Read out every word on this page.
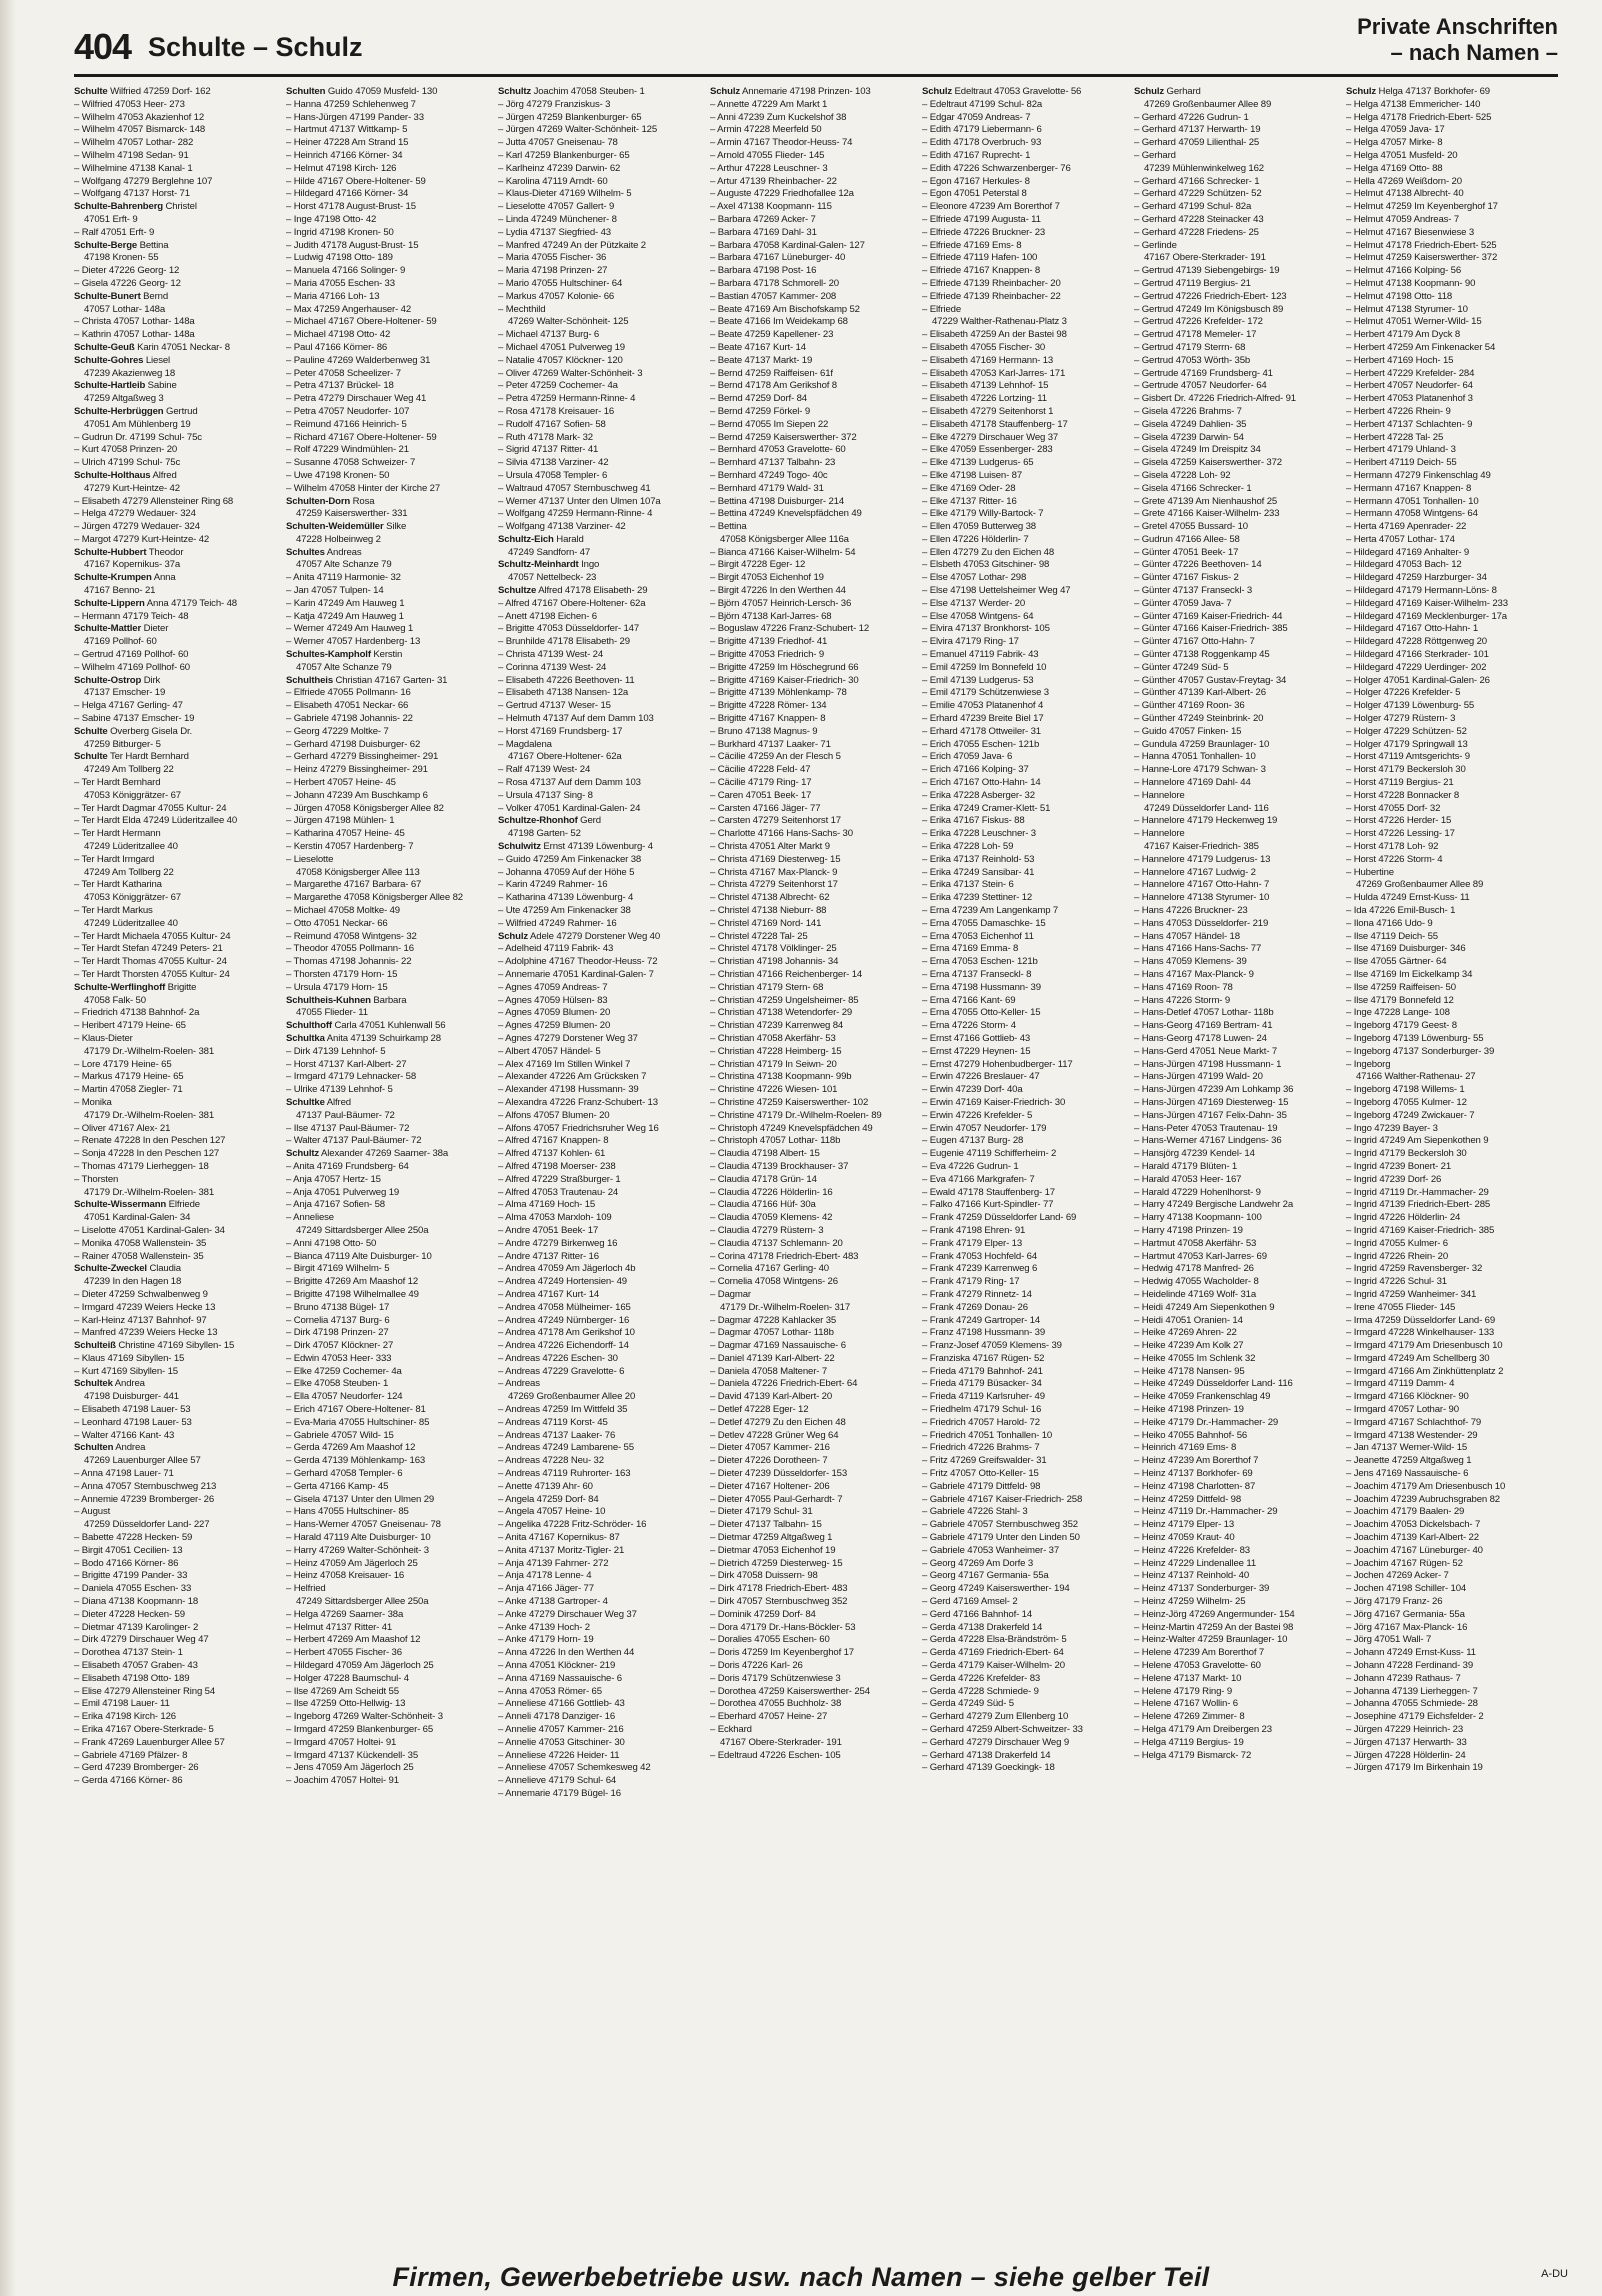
404 Schulte – Schulz
Private Anschriften
– nach Namen –
Schulte Wilfried 47259 Dorf- 162
– Wilfried 47053 Heer- 273
– Wilhelm 47053 Akazienhof 12
– Wilhelm 47057 Bismarck- 148
– Wilhelm 47057 Lothar- 282
– Wilhelm 47198 Sedan- 91
– Wilhelmine 47138 Kanal- 1
– Wolfgang 47279 Berglehne 107
– Wolfgang 47137 Horst- 71
Schulte-Bahrenberg Christel
47051 Erft- 9
– Ralf 47051 Erft- 9
Schulte-Berge Bettina
47198 Kronen- 55
– Dieter 47226 Georg- 12
– Gisela 47226 Georg- 12
Schulte-Bunert Bernd
47057 Lothar- 148a
– Christa 47057 Lothar- 148a
– Kathrin 47057 Lothar- 148a
Schulte-Geuß Karin 47051 Neckar- 8
Schulte-Gohres Liesel
47239 Akazienweg 18
Schulte-Hartleib Sabine
47259 Altgaßweg 3
Schulte-Herbrüggen Gertrud
47051 Am Mühlenberg 19
– Gudrun Dr. 47199 Schul- 75c
– Kurt 47058 Prinzen- 20
– Ulrich 47199 Schul- 75c
Schulte-Holthaus Alfred
47279 Kurt-Heintze- 42
– Elisabeth 47279 Allensteiner Ring 68
– Helga 47279 Wedauer- 324
– Jürgen 47279 Wedauer- 324
– Margot 47279 Kurt-Heintze- 42
Schulte-Hubbert Theodor
47167 Kopernikus- 37a
Schulte-Krumpen Anna
47167 Benno- 21
Schulte-Lippern Anna 47179 Teich- 48
– Hermann 47179 Teich- 48
Schulte-Mattler Dieter
47169 Pollhof- 60
– Gertrud 47169 Pollhof- 60
– Wilhelm 47169 Pollhof- 60
Schulte-Ostrop Dirk
47137 Emscher- 19
– Helga 47167 Gerling- 47
– Sabine 47137 Emscher- 19
Schulte Overberg Gisela Dr.
47259 Bitburger- 5
Schulte Ter Hardt Bernhard
47249 Am Tollberg 22
– Ter Hardt Bernhard
47053 Königgrätzer- 67
– Ter Hardt Dagmar 47055 Kultur- 24
– Ter Hardt Elda 47249 Lüderitzallee 40
– Ter Hardt Hermann
47249 Lüderitzallee 40
– Ter Hardt Irmgard
47249 Am Tollberg 22
– Ter Hardt Katharina
47053 Königgrätzer- 67
– Ter Hardt Markus
47249 Lüderitzallee 40
– Ter Hardt Michaela 47055 Kultur- 24
– Ter Hardt Stefan 47249 Peters- 21
– Ter Hardt Thomas 47055 Kultur- 24
– Ter Hardt Thorsten 47055 Kultur- 24
Schulte-Werflinghoff Brigitte
47058 Falk- 50
– Friedrich 47138 Bahnhof- 2a
– Heribert 47179 Heine- 65
– Klaus-Dieter
47179 Dr.-Wilhelm-Roelen- 381
– Lore 47179 Heine- 65
– Markus 47179 Heine- 65
– Martin 47058 Ziegler- 71
– Monika
47179 Dr.-Wilhelm-Roelen- 381
– Oliver 47167 Alex- 21
– Renate 47228 In den Peschen 127
– Sonja 47228 In den Peschen 127
– Thomas 47179 Lierheggen- 18
– Thorsten
47179 Dr.-Wilhelm-Roelen- 381
Schulte-Wissermann Elfriede
47051 Kardinal-Galen- 34
– Liselotte 47051 Kardinal-Galen- 34
– Monika 47058 Wallenstein- 35
– Rainer 47058 Wallenstein- 35
Schulte-Zweckel Claudia
47239 In den Hagen 18
– Dieter 47259 Schwalbenweg 9
– Irmgard 47239 Weiers Hecke 13
– Karl-Heinz 47137 Bahnhof- 97
– Manfred 47239 Weiers Hecke 13
Schulteiß Christine 47169 Sibyllen- 15
– Klaus 47169 Sibyllen- 15
– Kurt 47169 Sibyllen- 15
Schultek Andrea
47198 Duisburger- 441
– Elisabeth 47198 Lauer- 53
– Leonhard 47198 Lauer- 53
– Walter 47166 Kant- 43
Schulten Andrea
47269 Lauenburger Allee 57
– Anna 47198 Lauer- 71
– Anna 47057 Sternbuschweg 213
– Annemie 47239 Bromberger- 26
– August
47259 Düsseldorfer Land- 227
– Babette 47228 Hecken- 59
– Birgit 47051 Cecilien- 13
– Bodo 47166 Körner- 86
– Brigitte 47199 Pander- 33
– Daniela 47055 Eschen- 33
– Diana 47138 Koopmann- 18
– Dieter 47228 Hecken- 59
– Dietmar 47139 Karolinger- 2
– Dirk 47279 Dirschauer Weg 47
– Dorothea 47137 Stein- 1
– Elisabeth 47057 Graben- 43
– Elisabeth 47198 Otto- 189
– Elise 47279 Allensteiner Ring 54
– Emil 47198 Lauer- 11
– Erika 47198 Kirch- 126
– Erika 47167 Obere-Sterkrade- 5
– Frank 47269 Lauenburger Allee 57
– Gabriele 47169 Pfälzer- 8
– Gerd 47239 Bromberger- 26
– Gerda 47166 Körner- 86
Schulten Guido 47059 Musfeld- 130
– Hanna 47259 Schlehenweg 7
– Hans-Jürgen 47199 Pander- 33
– Hartmut 47137 Wittkamp- 5
– Heiner 47228 Am Strand 15
– Heinrich 47166 Körner- 34
– Helmut 47198 Kirch- 126
– Hilde 47167 Obere-Holtener- 59
– Hildegard 47166 Körner- 34
– Horst 47178 August-Brust- 15
– Inge 47198 Otto- 42
– Ingrid 47198 Kronen- 50
– Judith 47178 August-Brust- 15
– Ludwig 47198 Otto- 189
– Manuela 47166 Solinger- 9
– Maria 47055 Eschen- 33
– Maria 47166 Loh- 13
– Max 47259 Angerhauser- 42
– Michael 47167 Obere-Holtener- 59
– Michael 47198 Otto- 42
– Paul 47166 Körner- 86
– Pauline 47269 Walderbenweg 31
– Peter 47058 Scheelizer- 7
– Petra 47137 Brückel- 18
– Petra 47279 Dirschauer Weg 41
– Petra 47057 Neudorfer- 107
– Reimund 47166 Heinrich- 5
– Richard 47167 Obere-Holtener- 59
– Rolf 47229 Windmühlen- 21
– Susanne 47058 Schweizer- 7
– Uwe 47198 Kronen- 50
– Wilhelm 47058 Hinter der Kirche 27
Schulten-Dorn Rosa
47259 Kaiserswerther- 331
Schulten-Weidemüller Silke
47228 Holbeinweg 2
Schultes Andreas
47057 Alte Schanze 79
– Anita 47119 Harmonie- 32
– Jan 47057 Tulpen- 14
– Karin 47249 Am Hauweg 1
– Katja 47249 Am Hauweg 1
– Werner 47249 Am Hauweg 1
– Werner 47057 Hardenberg- 13
Schultes-Kampholf Kerstin
47057 Alte Schanze 79
Schultheis Christian 47167 Garten- 31
– Elfriede 47055 Pollmann- 16
– Elisabeth 47051 Neckar- 66
– Gabriele 47198 Johannis- 22
– Georg 47229 Moltke- 7
– Gerhard 47198 Duisburger- 62
– Gerhard 47279 Bissingheimer- 291
– Heinz 47279 Bissingheimer- 291
– Herbert 47057 Heine- 45
– Johann 47239 Am Buschkamp 6
– Jürgen 47058 Königsberger Allee 82
– Jürgen 47198 Mühlen- 1
– Katharina 47057 Heine- 45
– Kerstin 47057 Hardenberg- 7
– Lieselotte
47058 Königsberger Allee 113
– Margarethe 47167 Barbara- 67
– Margarethe 47058 Königsberger Allee 82
– Michael 47058 Moltke- 49
– Otto 47051 Neckar- 66
– Reimund 47058 Wintgens- 32
– Theodor 47055 Pollmann- 16
– Thomas 47198 Johannis- 22
– Thorsten 47179 Horn- 15
– Ursula 47179 Horn- 15
Schultheis-Kuhnen Barbara
47055 Flieder- 11
Schulthoff Carla 47051 Kuhlenwall 56
Schultka Anita 47139 Schuirkamp 28
– Dirk 47139 Lehnhof- 5
– Horst 47137 Karl-Albert- 27
– Irmgard 47179 Lehnacker- 58
– Ulrike 47139 Lehnhof- 5
Schultke Alfred
47137 Paul-Bäumer- 72
– Ilse 47137 Paul-Bäumer- 72
– Walter 47137 Paul-Bäumer- 72
Schultz Alexander 47269 Saarner- 38a
– Anita 47169 Frundsberg- 64
– Anja 47057 Hertz- 15
– Anja 47051 Pulverweg 19
– Anja 47167 Sofien- 58
– Anneliese
47249 Sittardsberger Allee 250a
– Anni 47198 Otto- 50
– Bianca 47119 Alte Duisburger- 10
– Birgit 47169 Wilhelm- 5
– Brigitte 47269 Am Maashof 12
– Brigitte 47198 Wilhelmallee 49
– Bruno 47138 Bügel- 17
– Cornelia 47137 Burg- 6
– Dirk 47198 Prinzen- 27
– Dirk 47057 Klöckner- 27
– Edwin 47053 Heer- 333
– Elke 47259 Cochemer- 4a
– Elke 47058 Steuben- 1
– Ella 47057 Neudorfer- 124
– Erich 47167 Obere-Holtener- 81
– Eva-Maria 47055 Hultschiner- 85
– Gabriele 47057 Wild- 15
– Gerda 47269 Am Maashof 12
– Gerda 47139 Möhlenkamp- 163
– Gerhard 47058 Templer- 6
– Gerta 47166 Kamp- 45
– Gisela 47137 Unter den Ulmen 29
– Hans 47055 Hultschiner- 85
– Hans-Werner 47057 Gneisenau- 78
– Harald 47119 Alte Duisburger- 10
– Harry 47269 Walter-Schönheit- 3
– Heinz 47059 Am Jägerloch 25
– Heinz 47058 Kreisauer- 16
– Helfried
47249 Sittardsberger Allee 250a
– Helga 47269 Saarner- 38a
– Helmut 47137 Ritter- 41
– Herbert 47269 Am Maashof 12
– Herbert 47055 Fischer- 36
– Hildegard 47059 Am Jägerloch 25
– Holger 47228 Baumschul- 4
– Ilse 47269 Am Scheidt 55
– Ilse 47259 Otto-Hellwig- 13
– Ingeborg 47269 Walter-Schönheit- 3
– Irmgard 47259 Blankenburger- 65
– Irmgard 47057 Holtei- 91
– Irmgard 47137 Kückendell- 35
– Jens 47059 Am Jägerloch 25
– Joachim 47057 Holtei- 91
Schultz Joachim 47058 Steuben- 1
– Jörg 47279 Franziskus- 3
– Jürgen 47259 Blankenburger- 65
– Jürgen 47269 Walter-Schönheit- 125
– Jutta 47057 Gneisenau- 78
– Karl 47259 Blankenburger- 65
– Karlheinz 47239 Darwin- 62
– Karolina 47119 Arndt- 60
– Klaus-Dieter 47169 Wilhelm- 5
– Lieselotte 47057 Gallert- 9
– Linda 47249 Münchener- 8
– Lydia 47137 Siegfried- 43
– Manfred 47249 An der Pützkaite 2
– Maria 47055 Fischer- 36
– Maria 47198 Prinzen- 27
– Mario 47055 Hultschiner- 64
– Markus 47057 Kolonie- 66
– Mechthild
47269 Walter-Schönheit- 125
– Michael 47137 Burg- 6
– Michael 47051 Pulverweg 19
– Natalie 47057 Klöckner- 120
– Oliver 47269 Walter-Schönheit- 3
– Peter 47259 Cochemer- 4a
– Petra 47259 Hermann-Rinne- 4
– Rosa 47178 Kreisauer- 16
– Rudolf 47167 Sofien- 58
– Ruth 47178 Mark- 32
– Sigrid 47137 Ritter- 41
– Silvia 47138 Varziner- 42
– Ursula 47058 Templer- 6
– Waltraud 47057 Sternbuschweg 41
– Werner 47137 Unter den Ulmen 107a
– Wolfgang 47259 Hermann-Rinne- 4
– Wolfgang 47138 Varziner- 42
Schultz-Eich Harald
47249 Sandforn- 47
Schultz-Meinhardt Ingo
47057 Nettelbeck- 23
Schultze Alfred 47178 Elisabeth- 29
– Alfred 47167 Obere-Holtener- 62a
– Anett 47198 Eichen- 6
– Brigitte 47053 Düsseldorfer- 147
– Brunhilde 47178 Elisabeth- 29
– Christa 47139 West- 24
– Corinna 47139 West- 24
– Elisabeth 47226 Beethoven- 11
– Elisabeth 47138 Nansen- 12a
– Gertrud 47137 Weser- 15
– Helmuth 47137 Auf dem Damm 103
– Horst 47169 Frundsberg- 17
– Magdalena
47167 Obere-Holtener- 62a
– Ralf 47139 West- 24
– Rosa 47137 Auf dem Damm 103
– Ursula 47137 Sing- 8
– Volker 47051 Kardinal-Galen- 24
Schultze-Rhonhof Gerd
47198 Garten- 52
Schulwitz Ernst 47139 Löwenburg- 4
– Guido 47259 Am Finkenacker 38
– Johanna 47059 Auf der Höhe 5
– Karin 47249 Rahmer- 16
– Katharina 47139 Löwenburg- 4
– Ute 47259 Am Finkenacker 38
– Wilfried 47249 Rahmer- 16
Schulz Adele 47279 Dorstener Weg 40
– Adelheid 47119 Fabrik- 43
– Adolphine 47167 Theodor-Heuss- 72
– Annemarie 47051 Kardinal-Galen- 7
– Agnes 47059 Andreas- 7
– Agnes 47059 Hülsen- 83
– Agnes 47059 Blumen- 20
– Agnes 47259 Blumen- 20
– Agnes 47279 Dorstener Weg 37
– Albert 47057 Händel- 5
– Alex 47169 Im Stillen Winkel 7
– Alexander 47226 Am Grücksken 7
– Alexander 47198 Hussmann- 39
– Alexandra 47226 Franz-Schubert- 13
– Alfons 47057 Blumen- 20
– Alfons 47057 Friedrichsruher Weg 16
– Alfred 47167 Knappen- 8
– Alfred 47137 Kohlen- 61
– Alfred 47198 Moerser- 238
– Alfred 47229 Straßburger- 1
– Alfred 47053 Trautenau- 24
– Alma 47169 Hoch- 15
– Alma 47053 Marxloh- 109
– Andre 47051 Beek- 17
– Andre 47279 Birkenweg 16
– Andre 47137 Ritter- 16
– Andrea 47059 Am Jägerloch 4b
– Andrea 47249 Hortensien- 49
– Andrea 47167 Kurt- 14
– Andrea 47058 Mülheimer- 165
– Andrea 47249 Nürnberger- 16
– Andrea 47178 Am Gerikshof 10
– Andrea 47226 Eichendorff- 14
– Andreas 47226 Eschen- 30
– Andreas 47229 Gravelotte- 6
– Andreas
47269 Großenbaumer Allee 20
– Andreas 47259 Im Wittfeld 35
– Andreas 47119 Korst- 45
– Andreas 47137 Laaker- 76
– Andreas 47249 Lambarene- 55
– Andreas 47228 Neu- 32
– Andreas 47119 Ruhrorter- 163
– Anette 47139 Ahr- 60
– Angela 47259 Dorf- 84
– Angela 47057 Heine- 10
– Angelika 47228 Fritz-Schröder- 16
– Anita 47167 Kopernikus- 87
– Anita 47137 Moritz-Tigler- 21
– Anja 47139 Fahrner- 272
– Anja 47178 Lenne- 4
– Anja 47166 Jäger- 77
– Anke 47138 Gartroper- 4
– Anke 47279 Dirschauer Weg 37
– Anke 47139 Hoch- 2
– Anke 47179 Horn- 19
– Anna 47226 In den Werthen 44
– Anna 47051 Klöckner- 219
– Anna 47169 Nassauische- 6
– Anna 47053 Römer- 65
– Anneliese 47166 Gottlieb- 43
– Anneli 47178 Danziger- 16
– Annelie 47057 Kammer- 216
– Annelie 47053 Gitschiner- 30
– Anneliese 47226 Heider- 11
– Anneliese 47057 Schemkesweg 42
– Annelieve 47179 Schul- 64
– Annemarie 47179 Bügel- 16
Schulz Annemarie 47198 Prinzen- 103
– Annette 47229 Am Markt 1
– Anni 47239 Zum Kuckelshof 38
– Armin 47228 Meerfeld 50
– Armin 47167 Theodor-Heuss- 74
– Arnold 47055 Flieder- 145
– Arthur 47228 Leuschner- 3
– Artur 47139 Rheinbacher- 22
– Auguste 47229 Friedhofallee 12a
– Axel 47138 Koopmann- 115
– Barbara 47269 Acker- 7
– Barbara 47169 Dahl- 31
– Barbara 47058 Kardinal-Galen- 127
– Barbara 47167 Lüneburger- 40
– Barbara 47198 Post- 16
– Barbara 47178 Schmorell- 20
– Bastian 47057 Kammer- 208
– Beate 47169 Am Bischofskamp 52
– Beate 47166 Im Weidekamp 68
– Beate 47259 Kapellener- 23
– Beate 47167 Kurt- 14
– Beate 47137 Markt- 19
– Bernd 47259 Raiffeisen- 61f
– Bernd 47178 Am Gerikshof 8
– Bernd 47259 Dorf- 84
– Bernd 47259 Förkel- 9
– Bernd 47055 Im Siepen 22
– Bernd 47259 Kaiserswerther- 372
– Bernhard 47053 Gravelotte- 60
– Bernhard 47137 Talbahn- 23
– Bernhard 47249 Togo- 40c
– Bernhard 47179 Wald- 31
– Bettina 47198 Duisburger- 214
– Bettina 47249 Knevelspfädchen 49
– Bettina
47058 Königsberger Allee 116a
– Bianca 47166 Kaiser-Wilhelm- 54
– Birgit 47228 Eger- 12
– Birgit 47053 Eichenhof 19
– Birgit 47226 In den Werthen 44
– Björn 47057 Heinrich-Lersch- 36
– Björn 47138 Karl-Jarres- 68
– Boguslaw 47226 Franz-Schubert- 12
– Brigitte 47139 Friedhof- 41
– Brigitte 47053 Friedrich- 9
– Brigitte 47259 Im Höschegrund 66
– Brigitte 47169 Kaiser-Friedrich- 30
– Brigitte 47139 Möhlenkamp- 78
– Brigitte 47228 Römer- 134
– Brigitte 47167 Knappen- 8
– Bruno 47138 Magnus- 9
– Burkhard 47137 Laaker- 71
– Cäcilie 47259 An der Flesch 5
– Cäcilie 47228 Feld- 47
– Cäcilie 47179 Ring- 17
– Caren 47051 Beek- 17
– Carsten 47166 Jäger- 77
– Carsten 47279 Seitenhorst 17
– Charlotte 47166 Hans-Sachs- 30
– Christa 47051 Alter Markt 9
– Christa 47169 Diesterweg- 15
– Christa 47167 Max-Planck- 9
– Christa 47279 Seitenhorst 17
– Christel 47138 Albrecht- 62
– Christel 47138 Nieburr- 88
– Christel 47169 Nord- 141
– Christel 47228 Tal- 25
– Christel 47178 Völklinger- 25
– Christian 47198 Johannis- 34
– Christian 47166 Reichenberger- 14
– Christian 47179 Stern- 68
– Christian 47259 Ungelsheimer- 85
– Christian 47138 Wetendorfer- 29
– Christian 47239 Karrenweg 84
– Christian 47058 Akerfähr- 53
– Christian 47228 Heimberg- 15
– Christian 47179 In Seiwn- 20
– Christina 47138 Koopmann- 99b
– Christine 47226 Wiesen- 101
– Christine 47259 Kaiserswerther- 102
– Christine 47179 Dr.-Wilhelm-Roelen- 89
– Christoph 47249 Knevelspfädchen 49
– Christoph 47057 Lothar- 118b
– Claudia 47198 Albert- 15
– Claudia 47139 Brockhauser- 37
– Claudia 47178 Grün- 14
– Claudia 47226 Hölderlin- 16
– Claudia 47166 Hüf- 30a
– Claudia 47059 Klemens- 42
– Claudia 47279 Rüstern- 3
– Claudia 47137 Schlemann- 20
– Corina 47178 Friedrich-Ebert- 483
– Cornelia 47167 Gerling- 40
– Cornelia 47058 Wintgens- 26
– Dagmar
47179 Dr.-Wilhelm-Roelen- 317
– Dagmar 47228 Kahlacker 35
– Dagmar 47057 Lothar- 118b
– Dagmar 47169 Nassauische- 6
– Daniel 47139 Karl-Albert- 22
– Daniela 47058 Maltener- 7
– Daniela 47226 Friedrich-Ebert- 64
– David 47139 Karl-Albert- 20
– Detlef 47228 Eger- 12
– Detlef 47279 Zu den Eichen 48
– Detlev 47228 Grüner Weg 64
– Dieter 47057 Kammer- 216
– Dieter 47226 Dorotheen- 7
– Dieter 47239 Düsseldorfer- 153
– Dieter 47167 Holtener- 206
– Dieter 47055 Paul-Gerhardt- 7
– Dieter 47179 Schul- 31
– Dieter 47137 Talbahn- 15
– Dietmar 47259 Altgaßweg 1
– Dietmar 47053 Eichenhof 19
– Dietrich 47259 Diesterweg- 15
– Dirk 47058 Duissern- 98
– Dirk 47178 Friedrich-Ebert- 483
– Dirk 47057 Sternbuschweg 352
– Dominik 47259 Dorf- 84
– Dora 47179 Dr.-Hans-Böckler- 53
– Doralies 47055 Eschen- 60
– Doris 47259 Im Keyenberghof 17
– Doris 47226 Karl- 26
– Doris 47179 Schützenwiese 3
– Dorothea 47259 Kaiserswerther- 254
– Dorothea 47055 Buchholz- 38
– Eberhard 47057 Heine- 27
– Eckhard
47167 Obere-Sterkrader- 191
– Edeltraud 47226 Eschen- 105
Schulz Edeltraut 47053 Gravelotte- 56
– Edeltraut 47199 Schul- 82a
– Edgar 47059 Andreas- 7
– Edith 47179 Liebermann- 6
– Edith 47178 Overbruch- 93
– Edith 47167 Ruprecht- 1
– Edith 47226 Schwarzenberger- 76
– Egon 47167 Herkules- 8
– Egon 47051 Peterstal 8
– Eleonore 47239 Am Borerthof 7
– Elfriede 47199 Augusta- 11
– Elfriede 47226 Bruckner- 23
– Elfriede 47169 Ems- 8
– Elfriede 47119 Hafen- 100
– Elfriede 47167 Knappen- 8
– Elfriede 47139 Rheinbacher- 20
– Elfriede 47139 Rheinbacher- 22
– Elfriede
47229 Walther-Rathenau-Platz 3
– Elisabeth 47259 An der Bastei 98
– Elisabeth 47055 Fischer- 30
– Elisabeth 47169 Hermann- 13
– Elisabeth 47053 Karl-Jarres- 171
– Elisabeth 47139 Lehnhof- 15
– Elisabeth 47226 Lortzing- 11
– Elisabeth 47279 Seitenhorst 1
– Elisabeth 47178 Stauffenberg- 17
– Elke 47279 Dirschauer Weg 37
– Elke 47059 Essenberger- 283
– Elke 47139 Ludgerus- 65
– Elke 47198 Luisen- 87
– Elke 47169 Oder- 28
– Elke 47137 Ritter- 16
– Elke 47179 Willy-Bartock- 7
– Ellen 47059 Butterweg 38
– Ellen 47226 Hölderlin- 7
– Ellen 47279 Zu den Eichen 48
– Elsbeth 47053 Gitschiner- 98
– Else 47057 Lothar- 298
– Else 47198 Uettelsheimer Weg 47
– Else 47137 Werder- 20
– Else 47058 Wintgens- 64
– Elvira 47137 Bronkhorst- 105
– Elvira 47179 Ring- 17
– Emanuel 47119 Fabrik- 43
– Emil 47259 Im Bonnefeld 10
– Emil 47139 Ludgerus- 53
– Emil 47179 Schützenwiese 3
– Emilie 47053 Platanenhof 4
– Erhard 47239 Breite Biel 17
– Erhard 47178 Ottweiler- 31
– Erich 47055 Eschen- 121b
– Erich 47059 Java- 6
– Erich 47166 Kolping- 37
– Erich 47167 Otto-Hahn- 14
– Erika 47228 Asberger- 32
– Erika 47249 Cramer-Klett- 51
– Erika 47167 Fiskus- 88
– Erika 47228 Leuschner- 3
– Erika 47228 Loh- 59
– Erika 47137 Reinhold- 53
– Erika 47249 Sansibar- 41
– Erika 47137 Stein- 6
– Erika 47239 Stettiner- 12
– Erna 47239 Am Langenkamp 7
– Erna 47055 Damaschke- 15
– Erna 47053 Eichenhof 11
– Erna 47169 Emma- 8
– Erna 47053 Eschen- 121b
– Erna 47137 Franseckl- 8
– Erna 47198 Hussmann- 39
– Erna 47166 Kant- 69
– Erna 47055 Otto-Keller- 15
– Erna 47226 Storm- 4
– Ernst 47166 Gottlieb- 43
– Ernst 47229 Heynen- 15
– Ernst 47279 Hohenbudberger- 117
– Erwin 47226 Breslauer- 47
– Erwin 47239 Dorf- 40a
– Erwin 47169 Kaiser-Friedrich- 30
– Erwin 47226 Krefelder- 5
– Erwin 47057 Neudorfer- 179
– Eugen 47137 Burg- 28
– Eugenie 47119 Schifferheim- 2
– Eva 47226 Gudrun- 1
– Eva 47166 Markgrafen- 7
– Ewald 47178 Stauffenberg- 17
– Falko 47166 Kurt-Spindler- 77
– Frank 47259 Düsseldorfer Land- 69
– Frank 47198 Ehren- 91
– Frank 47179 Elper- 13
– Frank 47053 Hochfeld- 64
– Frank 47239 Karrenweg 6
– Frank 47179 Ring- 17
– Frank 47279 Rinnetz- 14
– Frank 47269 Donau- 26
– Frank 47249 Gartroper- 14
– Franz 47198 Hussmann- 39
– Franz-Josef 47059 Klemens- 39
– Franziska 47167 Rügen- 52
– Frieda 47179 Bahnhof- 241
– Frieda 47179 Büsacker- 34
– Frieda 47119 Karlsruher- 49
– Friedhelm 47179 Schul- 16
– Friedrich 47057 Harold- 72
– Friedrich 47051 Tonhallen- 10
– Friedrich 47226 Brahms- 7
– Fritz 47269 Greifswalder- 31
– Fritz 47057 Otto-Keller- 15
– Gabriele 47179 Dittfeld- 98
– Gabriele 47167 Kaiser-Friedrich- 258
– Gabriele 47226 Stahl- 3
– Gabriele 47057 Sternbuschweg 352
– Gabriele 47179 Unter den Linden 50
– Gabriele 47053 Wanheimer- 37
– Georg 47269 Am Dorfe 3
– Georg 47167 Germania- 55a
– Georg 47249 Kaiserswerther- 194
– Gerd 47169 Amsel- 2
– Gerd 47166 Bahnhof- 14
– Gerda 47138 Drakerfeld 14
– Gerda 47228 Elsa-Brändström- 5
– Gerda 47169 Friedrich-Ebert- 64
– Gerda 47179 Kaiser-Wilhelm- 20
– Gerda 47226 Krefelder- 83
– Gerda 47228 Schmiede- 9
– Gerda 47249 Süd- 5
– Gerhard 47279 Zum Ellenberg 10
– Gerhard 47259 Albert-Schweitzer- 33
– Gerhard 47279 Dirschauer Weg 9
– Gerhard 47138 Drakerfeld 14
– Gerhard 47139 Goeckingk- 18
Schulz Gerhard
47269 Großenbaumer Allee 89
– Gerhard 47226 Gudrun- 1
– Gerhard 47137 Herwarth- 19
– Gerhard 47059 Lilienthal- 25
– Gerhard
47239 Mühlenwinkelweg 162
– Gerhard 47166 Schrecker- 1
– Gerhard 47229 Schützen- 52
– Gerhard 47199 Schul- 82a
– Gerhard 47228 Steinacker 43
– Gerhard 47228 Friedens- 25
– Gerlinde
47167 Obere-Sterkrader- 191
– Gertrud 47139 Siebengebirgs- 19
– Gertrud 47119 Bergius- 21
– Gertrud 47226 Friedrich-Ebert- 123
– Gertrud 47249 Im Königsbusch 89
– Gertrud 47226 Krefelder- 172
– Gertrud 47178 Memeler- 17
– Gertrud 47179 Sterrn- 68
– Gertrud 47053 Wörth- 35b
– Gertrude 47169 Frundsberg- 41
– Gertrude 47057 Neudorfer- 64
– Gisbert Dr. 47226 Friedrich-Alfred- 91
– Gisela 47226 Brahms- 7
– Gisela 47249 Dahlien- 35
– Gisela 47239 Darwin- 54
– Gisela 47249 Im Dreispitz 34
– Gisela 47259 Kaiserswerther- 372
– Gisela 47228 Loh- 92
– Gisela 47166 Schrecker- 1
– Grete 47139 Am Nienhaushof 25
– Grete 47166 Kaiser-Wilhelm- 233
– Gretel 47055 Bussard- 10
– Gudrun 47166 Allee- 58
– Günter 47051 Beek- 17
– Günter 47226 Beethoven- 14
– Günter 47167 Fiskus- 2
– Günter 47137 Franseckl- 3
– Günter 47059 Java- 7
– Günter 47169 Kaiser-Friedrich- 44
– Günter 47166 Kaiser-Friedrich- 385
– Günter 47167 Otto-Hahn- 7
– Günter 47138 Roggenkamp 45
– Günter 47249 Süd- 5
– Günther 47057 Gustav-Freytag- 34
– Günther 47139 Karl-Albert- 26
– Günther 47169 Roon- 36
– Günther 47249 Steinbrink- 20
– Guido 47057 Finken- 15
– Gundula 47259 Braunlager- 10
– Hanna 47051 Tonhallen- 10
– Hanne-Lore 47179 Schwan- 3
– Hannelore 47169 Dahl- 44
– Hannelore
47249 Düsseldorfer Land- 116
– Hannelore 47179 Heckenweg 19
– Hannelore
47167 Kaiser-Friedrich- 385
– Hannelore 47179 Ludgerus- 13
– Hannelore 47167 Ludwig- 2
– Hannelore 47167 Otto-Hahn- 7
– Hannelore 47138 Styrumer- 10
– Hans 47226 Bruckner- 23
– Hans 47053 Düsseldorfer- 219
– Hans 47057 Händel- 18
– Hans 47166 Hans-Sachs- 77
– Hans 47059 Klemens- 39
– Hans 47167 Max-Planck- 9
– Hans 47169 Roon- 78
– Hans 47226 Storm- 9
– Hans-Detlef 47057 Lothar- 118b
– Hans-Georg 47169 Bertram- 41
– Hans-Georg 47178 Luwen- 24
– Hans-Gerd 47051 Neue Markt- 7
– Hans-Jürgen 47198 Hussmann- 1
– Hans-Jürgen 47199 Wald- 20
– Hans-Jürgen 47239 Am Lohkamp 36
– Hans-Jürgen 47169 Diesterweg- 15
– Hans-Jürgen 47167 Felix-Dahn- 35
– Hans-Peter 47053 Trautenau- 19
– Hans-Werner 47167 Lindgens- 36
– Hansjörg 47239 Kendel- 14
– Harald 47179 Blüten- 1
– Harald 47053 Heer- 167
– Harald 47229 Hohenlhorst- 9
– Harry 47249 Bergische Landwehr 2a
– Harry 47138 Koopmann- 100
– Harry 47198 Prinzen- 19
– Hartmut 47058 Akerfähr- 53
– Hartmut 47053 Karl-Jarres- 69
– Hedwig 47178 Manfred- 26
– Hedwig 47055 Wacholder- 8
– Heidelinde 47169 Wolf- 31a
– Heidi 47249 Am Siepenkothen 9
– Heidi 47051 Oranien- 14
– Heike 47269 Ahren- 22
– Heike 47239 Am Kolk 27
– Heike 47055 Im Schlenk 32
– Heike 47178 Nansen- 95
– Heike 47249 Düsseldorfer Land- 116
– Heike 47059 Frankenschlag 49
– Heike 47198 Prinzen- 19
– Heike 47179 Dr.-Hammacher- 29
– Heiko 47055 Bahnhof- 56
– Heinrich 47169 Ems- 8
– Heinz 47239 Am Borerthof 7
– Heinz 47137 Borkhofer- 69
– Heinz 47198 Charlotten- 87
– Heinz 47259 Dittfeld- 98
– Heinz 47119 Dr.-Hammacher- 29
– Heinz 47179 Elper- 13
– Heinz 47059 Kraut- 40
– Heinz 47226 Krefelder- 83
– Heinz 47229 Lindenallee 11
– Heinz 47137 Reinhold- 40
– Heinz 47137 Sonderburger- 39
– Heinz 47259 Wilhelm- 25
– Heinz-Jörg 47269 Angermunder- 154
– Heinz-Martin 47259 An der Bastei 98
– Heinz-Walter 47259 Braunlager- 10
– Helene 47239 Am Borerthof 7
– Helene 47053 Gravelotte- 60
– Helene 47137 Markt- 10
– Helene 47179 Ring- 9
– Helene 47167 Wollin- 6
– Helene 47269 Zimmer- 8
– Helga 47179 Am Dreibergen 23
– Helga 47119 Bergius- 19
– Helga 47179 Bismarck- 72
Schulz Helga 47137 Borkhofer- 69
– Helga 47138 Emmericher- 140
– Helga 47178 Friedrich-Ebert- 525
– Helga 47059 Java- 17
– Helga 47057 Mirke- 8
– Helga 47051 Musfeld- 20
– Helga 47169 Otto- 88
– Hella 47269 Weißdorn- 20
– Helmut 47138 Albrecht- 40
– Helmut 47259 Im Keyenberghof 17
– Helmut 47059 Andreas- 7
– Helmut 47167 Biesenwiese 3
– Helmut 47178 Friedrich-Ebert- 525
– Helmut 47259 Kaiserswerther- 372
– Helmut 47166 Kolping- 56
– Helmut 47138 Koopmann- 90
– Helmut 47198 Otto- 118
– Helmut 47138 Styrumer- 10
– Helmut 47051 Werner-Wild- 15
– Herbert 47179 Am Dyck 8
– Herbert 47259 Am Finkenacker 54
– Herbert 47169 Hoch- 15
– Herbert 47229 Krefelder- 284
– Herbert 47057 Neudorfer- 64
– Herbert 47053 Platanenhof 3
– Herbert 47226 Rhein- 9
– Herbert 47137 Schlachten- 9
– Herbert 47228 Tal- 25
– Herbert 47179 Uhland- 3
– Heribert 47119 Deich- 55
– Hermann 47279 Finkenschlag 49
– Hermann 47167 Knappen- 8
– Hermann 47051 Tonhallen- 10
– Hermann 47058 Wintgens- 64
– Herta 47169 Apenrader- 22
– Herta 47057 Lothar- 174
– Hildegard 47169 Anhalter- 9
– Hildegard 47053 Bach- 12
– Hildegard 47259 Harzburger- 34
– Hildegard 47179 Hermann-Löns- 8
– Hildegard 47169 Kaiser-Wilhelm- 233
– Hildegard 47169 Mecklenburger- 17a
– Hildegard 47167 Otto-Hahn- 1
– Hildegard 47228 Röttgenweg 20
– Hildegard 47166 Sterkrader- 101
– Hildegard 47229 Uerdinger- 202
– Holger 47051 Kardinal-Galen- 26
– Holger 47226 Krefelder- 5
– Holger 47139 Löwenburg- 55
– Holger 47279 Rüstern- 3
– Holger 47229 Schützen- 52
– Holger 47179 Springwall 13
– Horst 47119 Amtsgerichts- 9
– Horst 47179 Beckersloh 30
– Horst 47119 Bergius- 21
– Horst 47228 Bonnacker 8
– Horst 47055 Dorf- 32
– Horst 47226 Herder- 15
– Horst 47226 Lessing- 17
– Horst 47178 Loh- 92
– Horst 47226 Storm- 4
– Hubertine
47269 Großenbaumer Allee 89
– Hulda 47249 Ernst-Kuss- 11
– Ida 47226 Emil-Busch- 1
– Ilona 47166 Udo- 9
– Ilse 47119 Deich- 55
– Ilse 47169 Duisburger- 346
– Ilse 47055 Gärtner- 64
– Ilse 47169 Im Eickelkamp 34
– Ilse 47259 Raiffeisen- 50
– Ilse 47179 Bonnefeld 12
– Inge 47228 Lange- 108
– Ingeborg 47179 Geest- 8
– Ingeborg 47139 Löwenburg- 55
– Ingeborg 47137 Sonderburger- 39
– Ingeborg
47166 Walther-Rathenau- 27
– Ingeborg 47198 Willems- 1
– Ingeborg 47055 Kulmer- 12
– Ingeborg 47249 Zwickauer- 7
– Ingo 47239 Bayer- 3
– Ingrid 47249 Am Siepenkothen 9
– Ingrid 47179 Beckersloh 30
– Ingrid 47239 Bonert- 21
– Ingrid 47239 Dorf- 26
– Ingrid 47119 Dr.-Hammacher- 29
– Ingrid 47139 Friedrich-Ebert- 285
– Ingrid 47226 Hölderlin- 24
– Ingrid 47169 Kaiser-Friedrich- 385
– Ingrid 47055 Kulmer- 6
– Ingrid 47226 Rhein- 20
– Ingrid 47259 Ravensberger- 32
– Ingrid 47226 Schul- 31
– Ingrid 47259 Wanheimer- 341
– Irene 47055 Flieder- 145
– Irma 47259 Düsseldorfer Land- 69
– Irmgard 47228 Winkelhauser- 133
– Irmgard 47179 Am Driesenbusch 10
– Irmgard 47249 Am Schellberg 30
– Irmgard 47166 Am Zinkhüttenplatz 2
– Irmgard 47119 Damm- 4
– Irmgard 47166 Klöckner- 90
– Irmgard 47057 Lothar- 90
– Irmgard 47167 Schlachthof- 79
– Irmgard 47138 Westender- 29
– Jan 47137 Werner-Wild- 15
– Jeanette 47259 Altgaßweg 1
– Jens 47169 Nassauische- 6
– Joachim 47179 Am Driesenbusch 10
– Joachim 47239 Aubruchsgraben 82
– Joachim 47179 Baalen- 29
– Joachim 47053 Dickelsbach- 7
– Joachim 47139 Karl-Albert- 22
– Joachim 47167 Lüneburger- 40
– Joachim 47167 Rügen- 52
– Jochen 47269 Acker- 7
– Jochen 47198 Schiller- 104
– Jörg 47179 Franz- 26
– Jörg 47167 Germania- 55a
– Jörg 47167 Max-Planck- 16
– Jörg 47051 Wall- 7
– Johann 47249 Ernst-Kuss- 11
– Johann 47228 Ferdinand- 39
– Johann 47239 Rathaus- 7
– Johanna 47139 Lierheggen- 7
– Johanna 47055 Schmiede- 28
– Josephine 47179 Eichsfelder- 2
– Jürgen 47229 Heinrich- 23
– Jürgen 47137 Herwarth- 33
– Jürgen 47228 Hölderlin- 24
– Jürgen 47179 Im Birkenhain 19
Firmen, Gewerbebetriebe usw. nach Namen – siehe gelber Teil	A-DU
